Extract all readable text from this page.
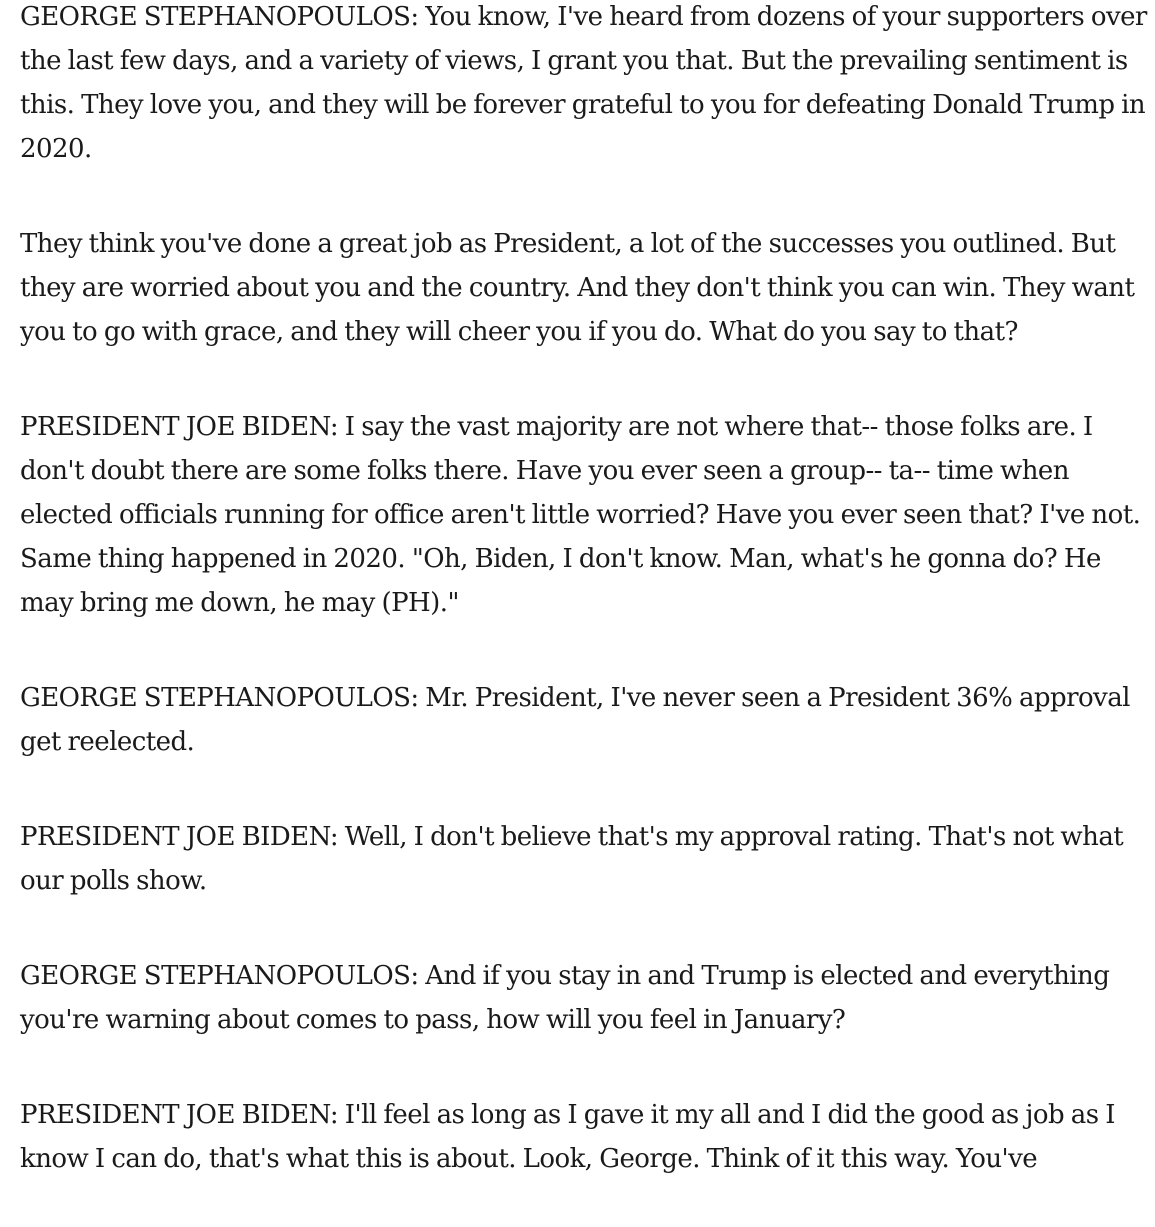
GEORGE STEPHANOPOULOS: You know, I've heard from dozens of your supporters over the last few days, and a variety of views, I grant you that. But the prevailing sentiment is this. They love you, and they will be forever grateful to you for defeating Donald Trump in 2020.

They think you've done a great job as President, a lot of the successes you outlined. But they are worried about you and the country. And they don't think you can win. They want you to go with grace, and they will cheer you if you do. What do you say to that?

PRESIDENT JOE BIDEN: I say the vast majority are not where that-- those folks are. I don't doubt there are some folks there. Have you ever seen a group-- ta-- time when elected officials running for office aren't little worried? Have you ever seen that? I've not. Same thing happened in 2020. "Oh, Biden, I don't know. Man, what's he gonna do? He may bring me down, he may (PH)."

GEORGE STEPHANOPOULOS: Mr. President, I've never seen a President 36% approval get reelected.

PRESIDENT JOE BIDEN: Well, I don't believe that's my approval rating. That's not what our polls show.

GEORGE STEPHANOPOULOS: And if you stay in and Trump is elected and everything you're warning about comes to pass, how will you feel in January?

PRESIDENT JOE BIDEN: I'll feel as long as I gave it my all and I did the good as job as I know I can do, that's what this is about. Look, George. Think of it this way. You've
